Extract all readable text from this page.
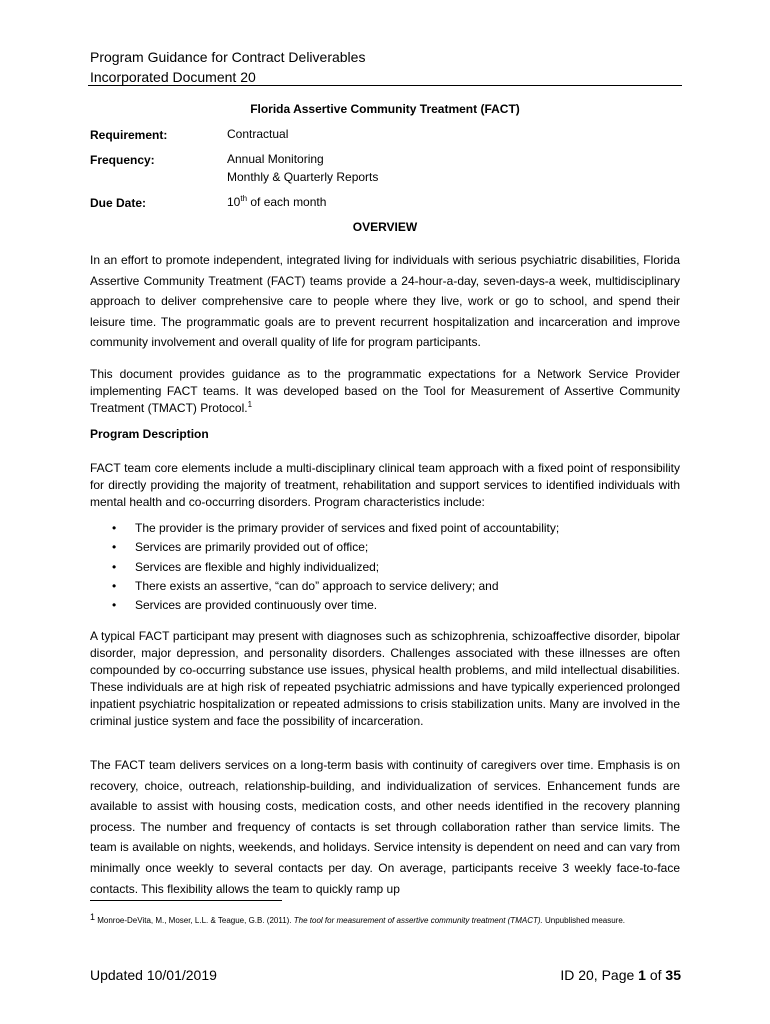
Program Guidance for Contract Deliverables
Incorporated Document 20
Florida Assertive Community Treatment (FACT)
Requirement:	Contractual
Frequency:	Annual Monitoring
Monthly & Quarterly Reports
Due Date:	10th of each month
OVERVIEW
In an effort to promote independent, integrated living for individuals with serious psychiatric disabilities, Florida Assertive Community Treatment (FACT) teams provide a 24-hour-a-day, seven-days-a week, multidisciplinary approach to deliver comprehensive care to people where they live, work or go to school, and spend their leisure time. The programmatic goals are to prevent recurrent hospitalization and incarceration and improve community involvement and overall quality of life for program participants.
This document provides guidance as to the programmatic expectations for a Network Service Provider implementing FACT teams. It was developed based on the Tool for Measurement of Assertive Community Treatment (TMACT) Protocol.$^1$
Program Description
FACT team core elements include a multi-disciplinary clinical team approach with a fixed point of responsibility for directly providing the majority of treatment, rehabilitation and support services to identified individuals with mental health and co-occurring disorders. Program characteristics include:
• The provider is the primary provider of services and fixed point of accountability;
• Services are primarily provided out of office;
• Services are flexible and highly individualized;
• There exists an assertive, “can do” approach to service delivery; and
• Services are provided continuously over time.
A typical FACT participant may present with diagnoses such as schizophrenia, schizoaffective disorder, bipolar disorder, major depression, and personality disorders. Challenges associated with these illnesses are often compounded by co-occurring substance use issues, physical health problems, and mild intellectual disabilities. These individuals are at high risk of repeated psychiatric admissions and have typically experienced prolonged inpatient psychiatric hospitalization or repeated admissions to crisis stabilization units. Many are involved in the criminal justice system and face the possibility of incarceration.
The FACT team delivers services on a long-term basis with continuity of caregivers over time. Emphasis is on recovery, choice, outreach, relationship-building, and individualization of services. Enhancement funds are available to assist with housing costs, medication costs, and other needs identified in the recovery planning process. The number and frequency of contacts is set through collaboration rather than service limits. The team is available on nights, weekends, and holidays. Service intensity is dependent on need and can vary from minimally once weekly to several contacts per day. On average, participants receive 3 weekly face-to-face contacts. This flexibility allows the team to quickly ramp up
1 Monroe-DeVita, M., Moser, L.L. & Teague, G.B. (2011). The tool for measurement of assertive community treatment (TMACT). Unpublished measure.
Updated 10/01/2019	ID 20, Page 1 of 35
